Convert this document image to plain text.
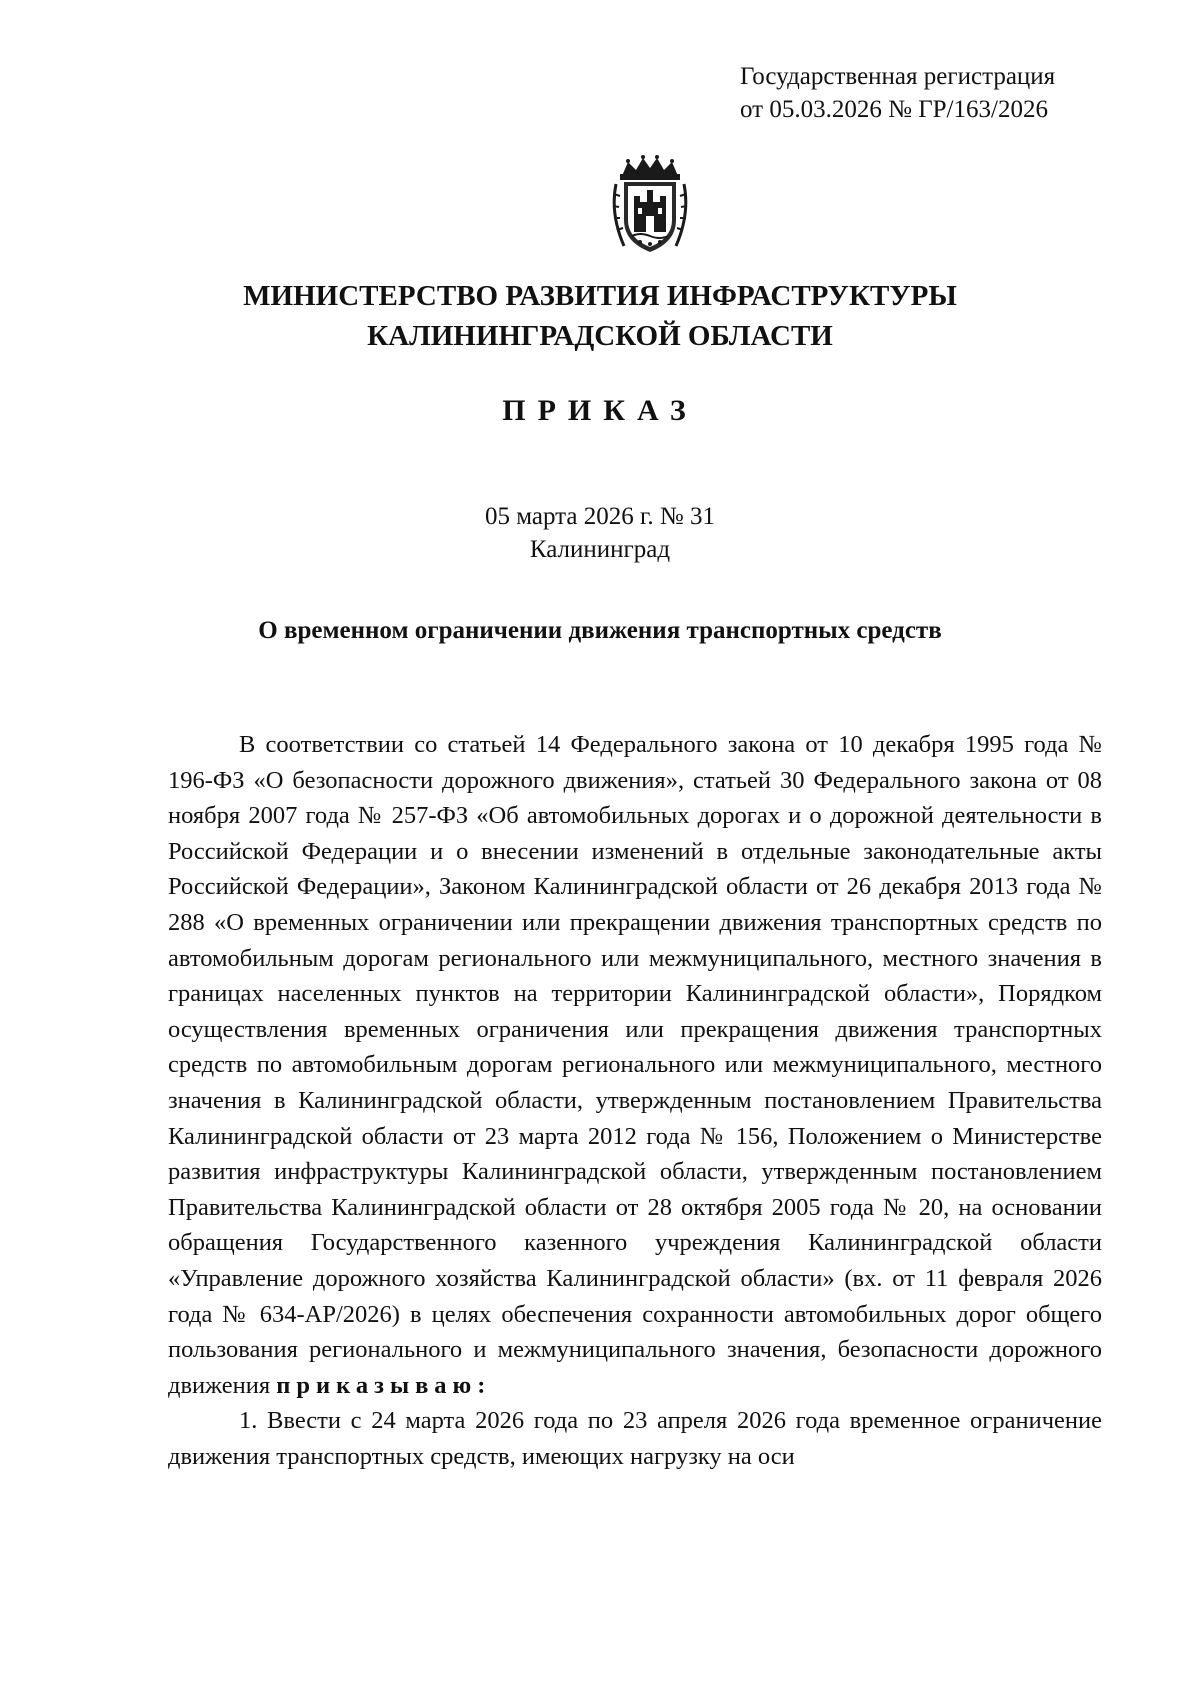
Государственная регистрация
от 05.03.2026 № ГР/163/2026
МИНИСТЕРСТВО РАЗВИТИЯ ИНФРАСТРУКТУРЫ
КАЛИНИНГРАДСКОЙ ОБЛАСТИ
ПРИКАЗ
05 марта 2026 г. № 31
Калининград
О временном ограничении движения транспортных средств

В соответствии со статьей 14 Федерального закона от 10 декабря 1995 года № 196-ФЗ «О безопасности дорожного движения», статьей 30 Федерального закона от 08 ноября 2007 года № 257-ФЗ «Об автомобильных дорогах и о дорожной деятельности в Российской Федерации и о внесении изменений в отдельные законодательные акты Российской Федерации», Законом Калининградской области от 26 декабря 2013 года № 288 «О временных ограничении или прекращении движения транспортных средств по автомобильным дорогам регионального или межмуниципального, местного значения в границах населенных пунктов на территории Калининградской области», Порядком осуществления временных ограничения или прекращения движения транспортных средств по автомобильным дорогам регионального или межмуниципального, местного значения в Калининградской области, утвержденным постановлением Правительства Калининградской области от 23 марта 2012 года № 156, Положением о Министерстве развития инфраструктуры Калининградской области, утвержденным постановлением Правительства Калининградской области от 28 октября 2005 года № 20, на основании обращения Государственного казенного учреждения Калининградской области «Управление дорожного хозяйства Калининградской области» (вх. от 11 февраля 2026 года № 634-АР/2026) в целях обеспечения сохранности автомобильных дорог общего пользования регионального и межмуниципального значения, безопасности дорожного движения приказываю:

1. Ввести с 24 марта 2026 года по 23 апреля 2026 года временное ограничение движения транспортных средств, имеющих нагрузку на оси
